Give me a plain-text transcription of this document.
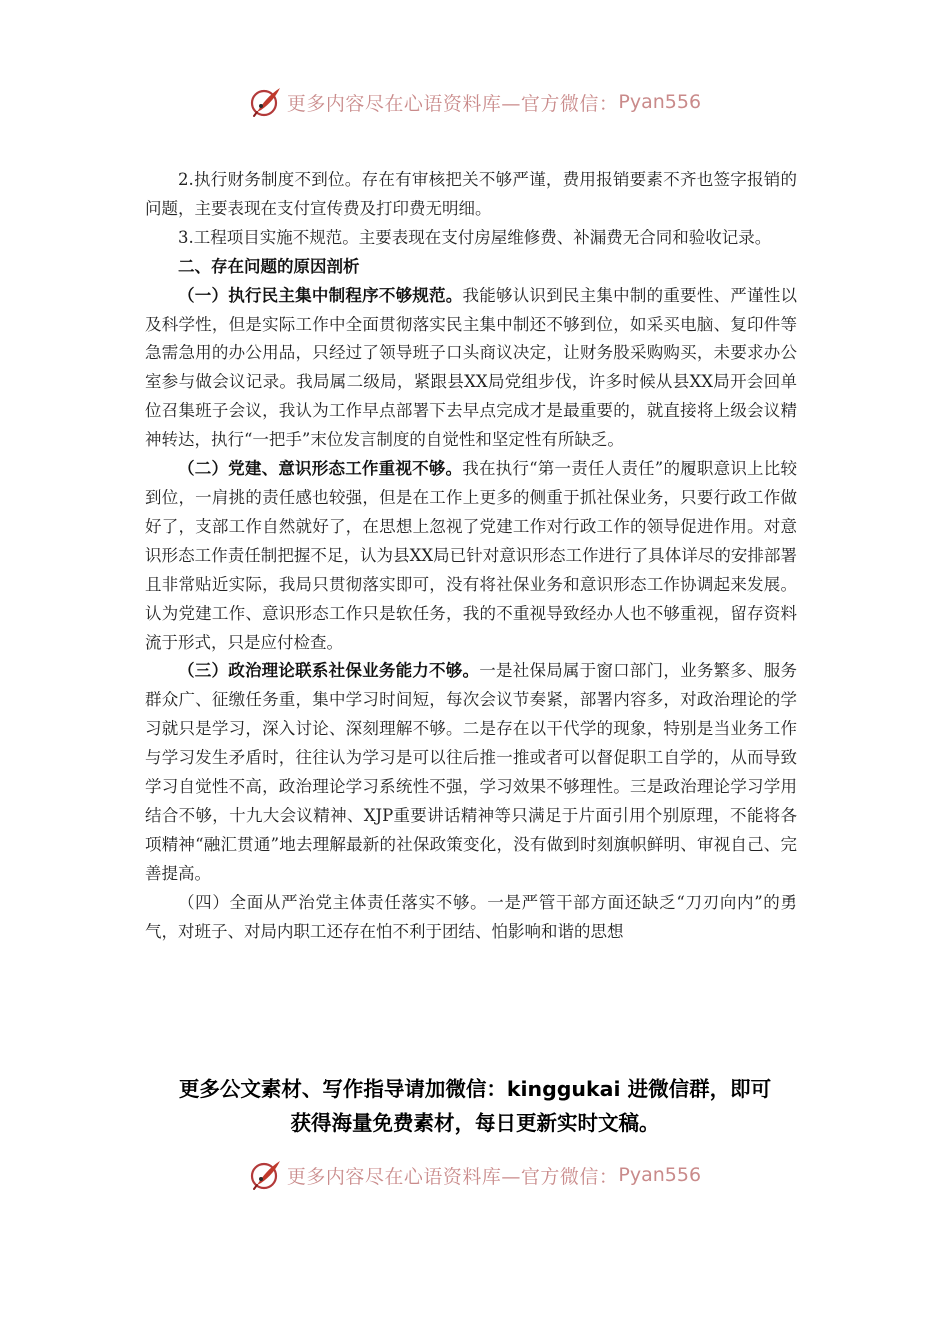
更多内容尽在心语资料库—官方微信： Pyan556

2.执行财务制度不到位。存在有审核把关不够严谨，费用报销要素不齐也签字报销的问题，主要表现在支付宣传费及打印费无明细。

3.工程项目实施不规范。主要表现在支付房屋维修费、补漏费无合同和验收记录。

二、存在问题的原因剖析

（一）执行民主集中制程序不够规范。我能够认识到民主集中制的重要性、严谨性以及科学性，但是实际工作中全面贯彻落实民主集中制还不够到位，如采买电脑、复印件等急需急用的办公用品，只经过了领导班子口头商议决定，让财务股采购购买，未要求办公室参与做会议记录。我局属二级局，紧跟县XX局党组步伐，许多时候从县XX局开会回单位召集班子会议，我认为工作早点部署下去早点完成才是最重要的，就直接将上级会议精神转达，执行“一把手”末位发言制度的自觉性和坚定性有所缺乏。

（二）党建、意识形态工作重视不够。我在执行“第一责任人责任”的履职意识上比较到位，一肩挑的责任感也较强，但是在工作上更多的侧重于抓社保业务，只要行政工作做好了，支部工作自然就好了，在思想上忽视了党建工作对行政工作的领导促进作用。对意识形态工作责任制把握不足，认为县XX局已针对意识形态工作进行了具体详尽的安排部署且非常贴近实际，我局只贯彻落实即可，没有将社保业务和意识形态工作协调起来发展。认为党建工作、意识形态工作只是软任务，我的不重视导致经办人也不够重视，留存资料流于形式，只是应付检查。

（三）政治理论联系社保业务能力不够。一是社保局属于窗口部门，业务繁多、服务群众广、征缴任务重，集中学习时间短，每次会议节奏紧，部署内容多，对政治理论的学习就只是学习，深入讨论、深刻理解不够。二是存在以干代学的现象，特别是当业务工作与学习发生矛盾时，往往认为学习是可以往后推一推或者可以督促职工自学的，从而导致学习自觉性不高，政治理论学习系统性不强，学习效果不够理性。三是政治理论学习学用结合不够，十九大会议精神、XJP重要讲话精神等只满足于片面引用个别原理，不能将各项精神“融汇贯通”地去理解最新的社保政策变化，没有做到时刻旗帜鲜明、审视自己、完善提高。

（四）全面从严治党主体责任落实不够。一是严管干部方面还缺乏“刀刃向内”的勇气，对班子、对局内职工还存在怕不利于团结、怕影响和谐的思想

更多公文素材、写作指导请加微信：kinggukai 进微信群，即可
获得海量免费素材，每日更新实时文稿。
更多内容尽在心语资料库—官方微信： Pyan556
